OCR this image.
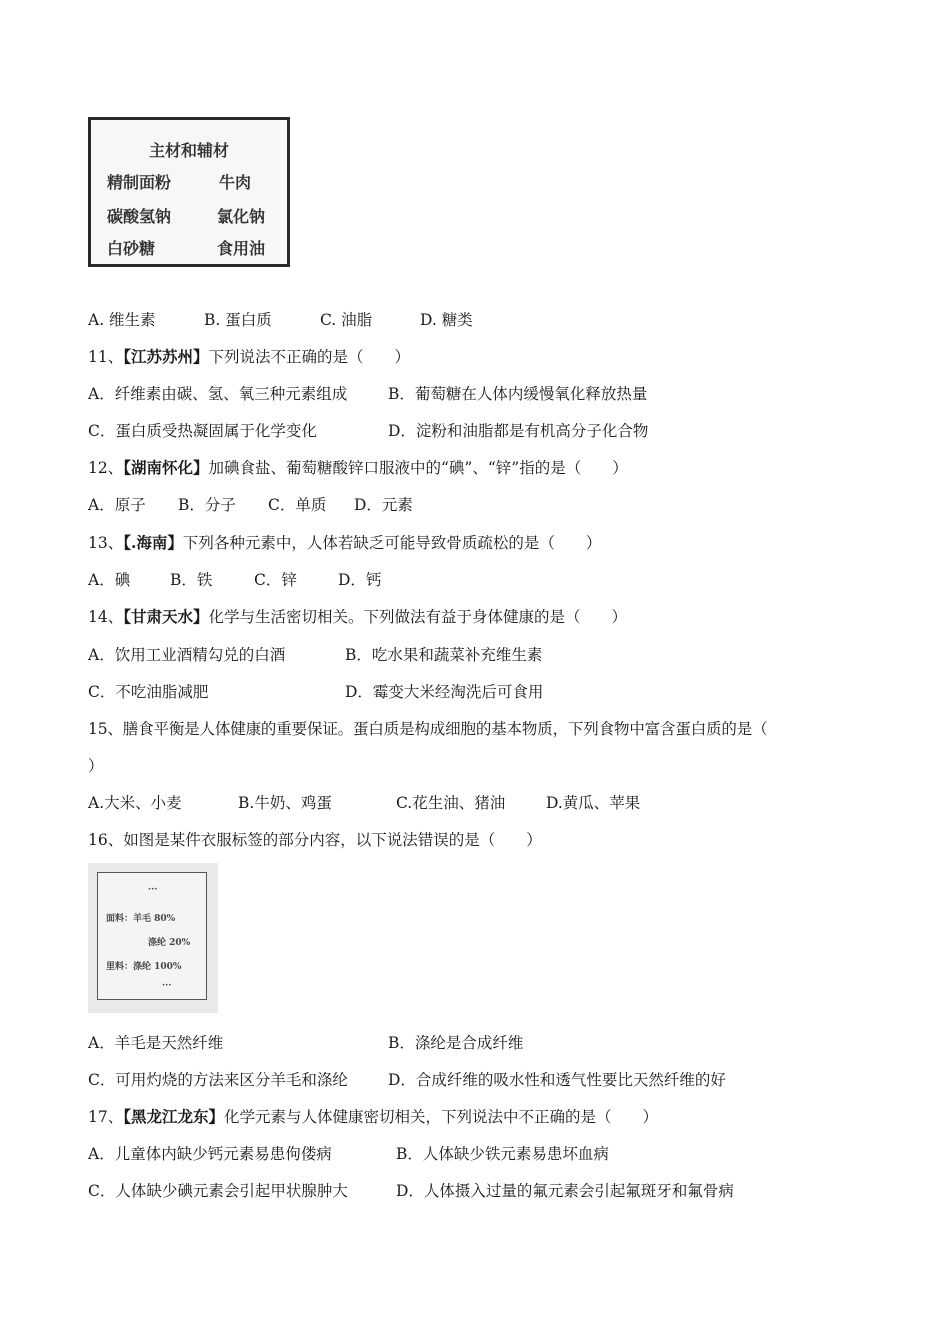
主材和辅材
精制面粉	牛肉
碳酸氢钠	氯化钠
白砂糖	食用油
A. 维生素	B. 蛋白质	C. 油脂	D. 糖类
11、【江苏苏州】下列说法不正确的是（　　）
A．纤维素由碳、氢、氧三种元素组成	B．葡萄糖在人体内缓慢氧化释放热量
C．蛋白质受热凝固属于化学变化	D．淀粉和油脂都是有机高分子化合物
12、【湖南怀化】加碘食盐、葡萄糖酸锌口服液中的“碘”、“锌”指的是（　　）
A．原子 B．分子 C．单质 D．元素
13、【.海南】下列各种元素中，人体若缺乏可能导致骨质疏松的是（　　）
A．碘	B．铁	C．锌	D．钙
14、【甘肃天水】化学与生活密切相关。下列做法有益于身体健康的是（　　）
A．饮用工业酒精勾兑的白酒	B．吃水果和蔬菜补充维生素
C．不吃油脂减肥	D．霉变大米经淘洗后可食用
15、膳食平衡是人体健康的重要保证。蛋白质是构成细胞的基本物质，下列食物中富含蛋白质的是（
）
A.大米、小麦	B.牛奶、鸡蛋	C.花生油、猪油	D.黄瓜、苹果
16、如图是某件衣服标签的部分内容，以下说法错误的是（　　）
···
面料：羊毛 80%
涤纶 20%
里料：涤纶 100%
···
A．羊毛是天然纤维	B．涤纶是合成纤维
C．可用灼烧的方法来区分羊毛和涤纶	D．合成纤维的吸水性和透气性要比天然纤维的好
17、【黑龙江龙东】化学元素与人体健康密切相关，下列说法中不正确的是（　　）
A．儿童体内缺少钙元素易患佝偻病	B．人体缺少铁元素易患坏血病
C．人体缺少碘元素会引起甲状腺肿大	D．人体摄入过量的氟元素会引起氟斑牙和氟骨病
